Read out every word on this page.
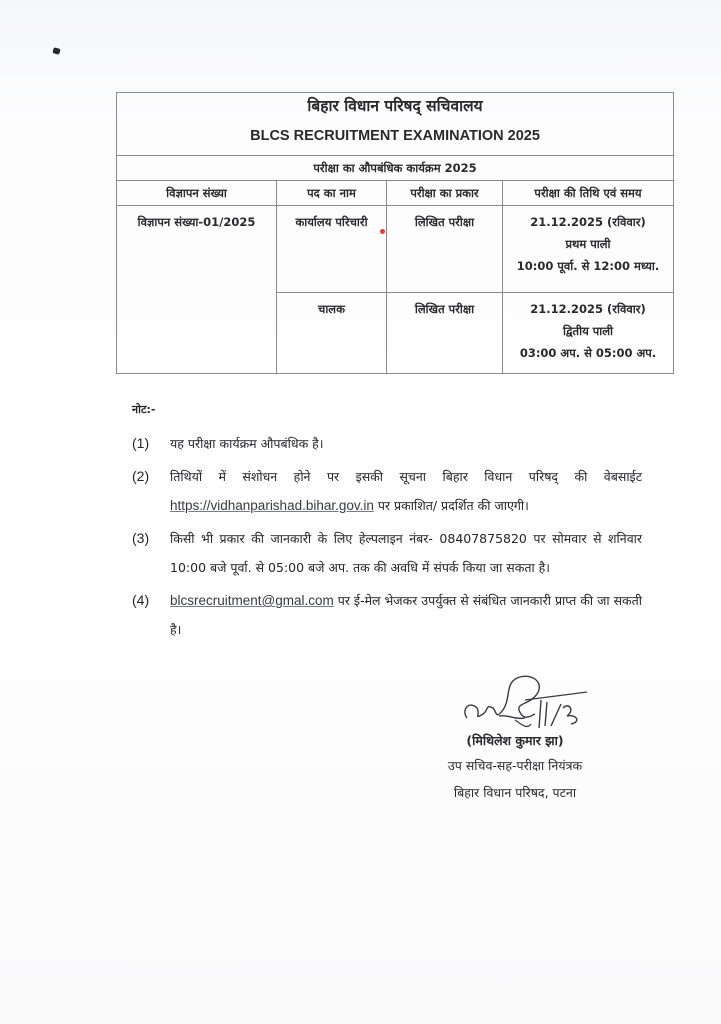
बिहार विधान परिषद् सचिवालय
BLCS RECRUITMENT EXAMINATION 2025			

परीक्षा का औपबंधिक कार्यक्रम 2025			
विज्ञापन संख्या	पद का नाम	परीक्षा का प्रकार	परीक्षा की तिथि एवं समय

विज्ञापन संख्या-01/2025	कार्यालय परिचारी	लिखित परीक्षा	21.12.2025 (रविवार)
प्रथम पाली
10:00 पूर्वा. से 12:00 मध्या.

	चालक	लिखित परीक्षा	21.12.2025 (रविवार)
द्वितीय पाली
03:00 अप. से 05:00 अप.
नोट:-
(1)	यह परीक्षा कार्यक्रम औपबंधिक है।
(2)	तिथियों में संशोधन होने पर इसकी सूचना बिहार विधान परिषद् की वेबसाईट https://vidhanparishad.bihar.gov.in पर प्रकाशित/ प्रदर्शित की जाएगी।
(3)	किसी भी प्रकार की जानकारी के लिए हेल्पलाइन नंबर- 08407875820 पर सोमवार से शनिवार 10:00 बजे पूर्वा. से 05:00 बजे अप. तक की अवधि में संपर्क किया जा सकता है।
(4)	blcsrecruitment@gmal.com पर ई-मेल भेजकर उपर्युक्त से संबंधित जानकारी प्राप्त की जा सकती है।
(मिथिलेश कुमार झा)
उप सचिव-सह-परीक्षा नियंत्रक
बिहार विधान परिषद, पटना
